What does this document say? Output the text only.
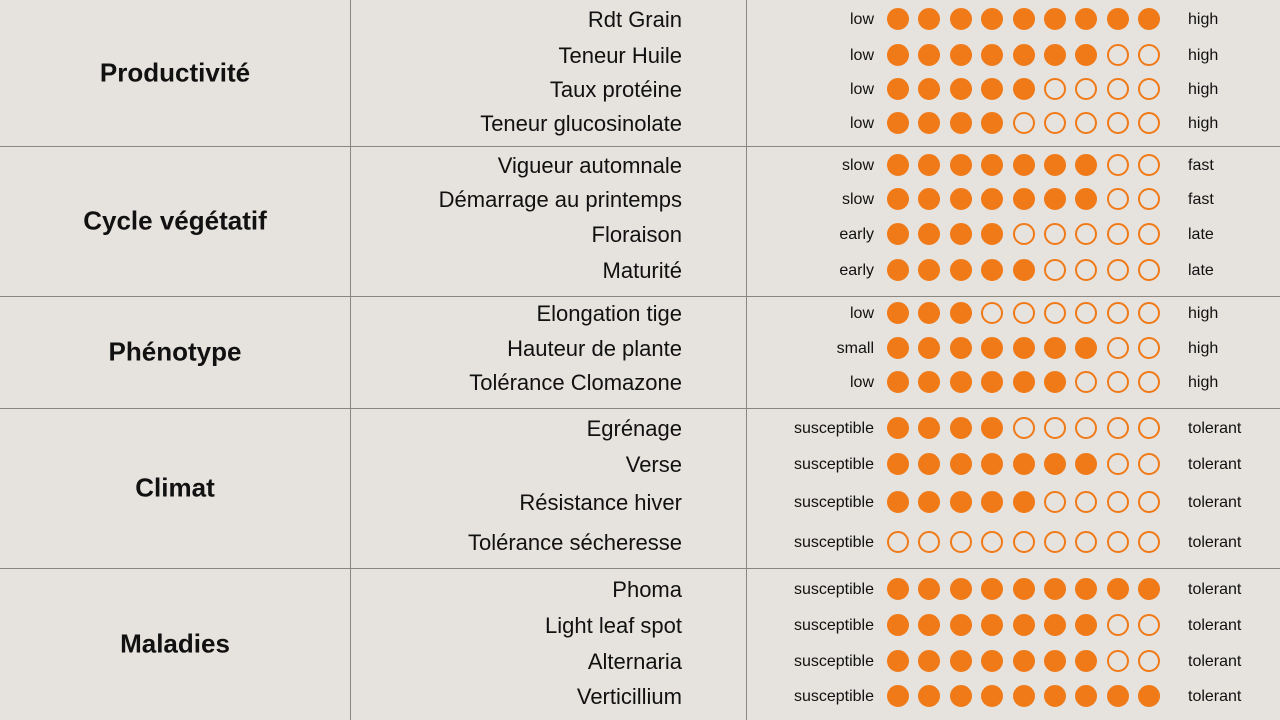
Productivité
Rdt Grain	low	high
Teneur Huile	low	high
Taux protéine	low	high
Teneur glucosinolate	low	high
Cycle végétatif
Vigueur automnale	slow	fast
Démarrage au printemps	slow	fast
Floraison	early	late
Maturité	early	late
Phénotype
Elongation tige	low	high
Hauteur de plante	small	high
Tolérance Clomazone	low	high
Climat
Egrénage	susceptible	tolerant
Verse	susceptible	tolerant
Résistance hiver	susceptible	tolerant
Tolérance sécheresse	susceptible	tolerant
Maladies
Phoma	susceptible	tolerant
Light leaf spot	susceptible	tolerant
Alternaria	susceptible	tolerant
Verticillium	susceptible	tolerant
